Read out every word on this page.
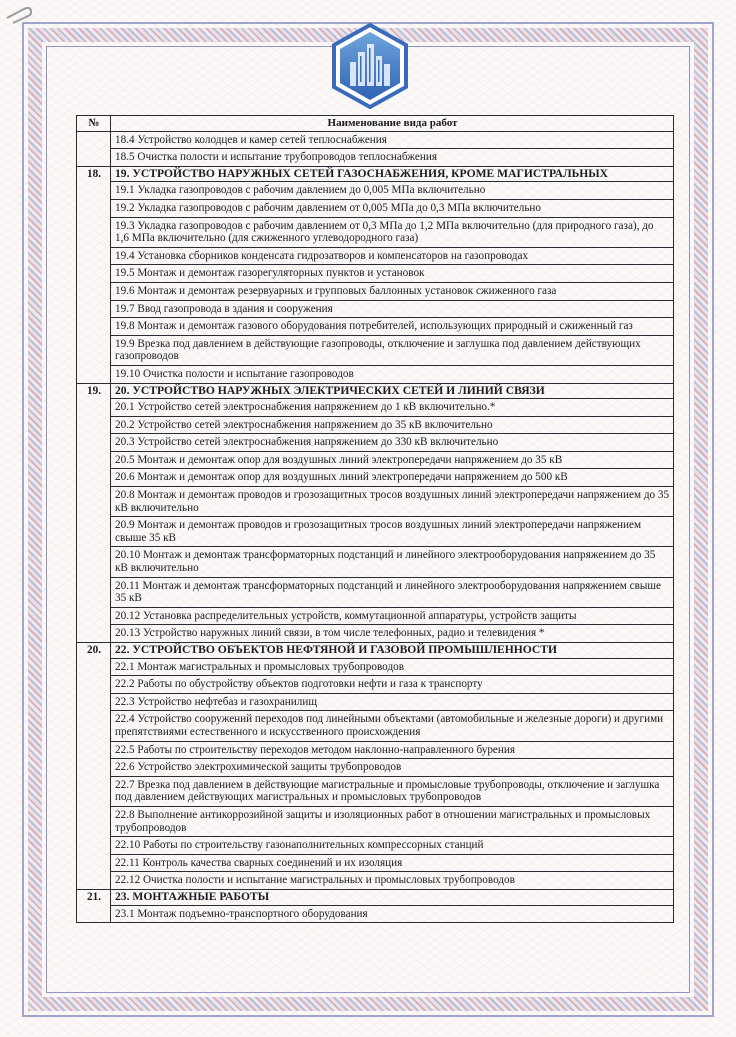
№	Наименование вида работ
	18.4 Устройство колодцев и камер сетей теплоснабжения
	18.5 Очистка полости и испытание трубопроводов теплоснабжения
18.	19. УСТРОЙСТВО НАРУЖНЫХ СЕТЕЙ ГАЗОСНАБЖЕНИЯ, КРОМЕ МАГИСТРАЛЬНЫХ
	19.1 Укладка газопроводов с рабочим давлением до 0,005 МПа включительно
	19.2 Укладка газопроводов с рабочим давлением от 0,005 МПа до 0,3 МПа включительно
	19.3 Укладка газопроводов с рабочим давлением от 0,3 МПа до 1,2 МПа включительно (для природного газа), до 1,6 МПа включительно (для сжиженного углеводородного газа)
	19.4 Установка сборников конденсата гидрозатворов и компенсаторов на газопроводах
	19.5 Монтаж и демонтаж газорегуляторных пунктов и установок
	19.6 Монтаж и демонтаж резервуарных и групповых баллонных установок сжиженного газа
	19.7 Ввод газопровода в здания и сооружения
	19.8 Монтаж и демонтаж газового оборудования потребителей, использующих природный и сжиженный газ
	19.9 Врезка под давлением в действующие газопроводы, отключение и заглушка под давлением действующих газопроводов
	19.10 Очистка полости и испытание газопроводов
19.	20. УСТРОЙСТВО НАРУЖНЫХ ЭЛЕКТРИЧЕСКИХ СЕТЕЙ И ЛИНИЙ СВЯЗИ
	20.1 Устройство сетей электроснабжения напряжением до 1 кВ включительно.*
	20.2 Устройство сетей электроснабжения напряжением до 35 кВ включительно
	20.3 Устройство сетей электроснабжения напряжением до 330 кВ включительно
	20.5 Монтаж и демонтаж опор для воздушных линий электропередачи напряжением до 35 кВ
	20.6 Монтаж и демонтаж опор для воздушных линий электропередачи напряжением до 500 кВ
	20.8 Монтаж и демонтаж проводов и грозозащитных тросов воздушных линий электропередачи напряжением до 35 кВ включительно
	20.9 Монтаж и демонтаж проводов и грозозащитных тросов воздушных линий электропередачи напряжением свыше 35 кВ
	20.10 Монтаж и демонтаж трансформаторных подстанций и линейного электрооборудования напряжением до 35 кВ включительно
	20.11 Монтаж и демонтаж трансформаторных подстанций и линейного электрооборудования напряжением свыше 35 кВ
	20.12 Установка распределительных устройств, коммутационной аппаратуры, устройств защиты
	20.13 Устройство наружных линий связи, в том числе телефонных, радио и телевидения *
20.	22. УСТРОЙСТВО ОБЪЕКТОВ НЕФТЯНОЙ И ГАЗОВОЙ ПРОМЫШЛЕННОСТИ
	22.1 Монтаж магистральных и промысловых трубопроводов
	22.2 Работы по обустройству объектов подготовки нефти и газа к транспорту
	22.3 Устройство нефтебаз и газохранилищ
	22.4 Устройство сооружений переходов под линейными объектами (автомобильные и железные дороги) и другими препятствиями естественного и искусственного происхождения
	22.5 Работы по строительству переходов методом наклонно-направленного бурения
	22.6 Устройство электрохимической защиты трубопроводов
	22.7 Врезка под давлением в действующие магистральные и промысловые трубопроводы, отключение и заглушка под давлением действующих магистральных и промысловых трубопроводов
	22.8 Выполнение антикоррозийной защиты и изоляционных работ в отношении магистральных и промысловых трубопроводов
	22.10 Работы по строительству газонаполнительных компрессорных станций
	22.11 Контроль качества сварных соединений и их изоляция
	22.12 Очистка полости и испытание магистральных и промысловых трубопроводов
21.	23. МОНТАЖНЫЕ РАБОТЫ
	23.1 Монтаж подъемно-транспортного оборудования
